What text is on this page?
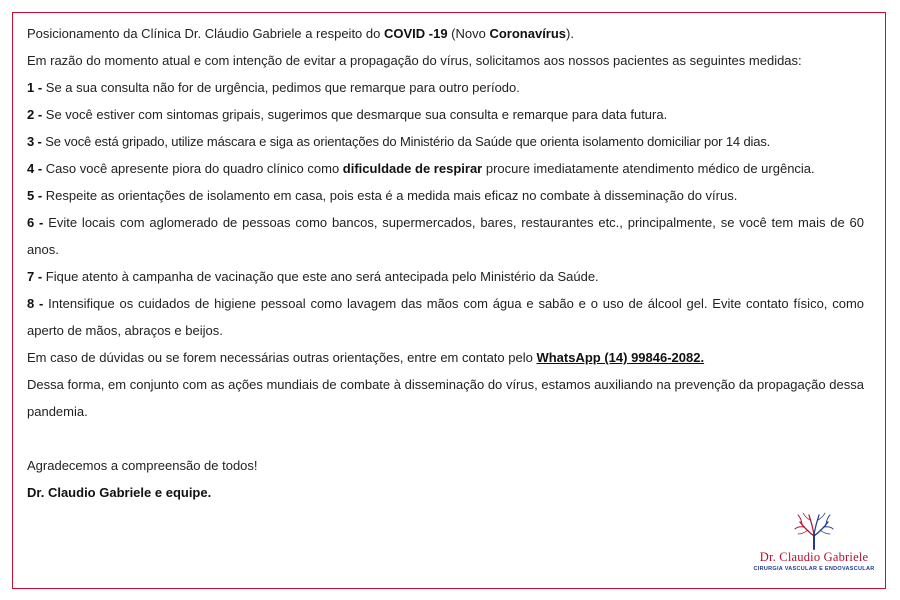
Posicionamento da Clínica Dr. Cláudio Gabriele a respeito do COVID -19 (Novo Coronavírus).

Em razão do momento atual e com intenção de evitar a propagação do vírus, solicitamos aos nossos pacientes as seguintes medidas:

1 - Se a sua consulta não for de urgência, pedimos que remarque para outro período.

2 - Se você estiver com sintomas gripais, sugerimos que desmarque sua consulta e remarque para data futura.

3 - Se você está gripado, utilize máscara e siga as orientações do Ministério da Saúde que orienta isolamento domiciliar por 14 dias.

4 - Caso você apresente piora do quadro clínico como dificuldade de respirar procure imediatamente atendimento médico de urgência.

5 - Respeite as orientações de isolamento em casa, pois esta é a medida mais eficaz no combate à disseminação do vírus.

6 - Evite locais com aglomerado de pessoas como bancos, supermercados, bares, restaurantes etc., principalmente, se você tem mais de 60 anos.

7 - Fique atento à campanha de vacinação que este ano será antecipada pelo Ministério da Saúde.

8 - Intensifique os cuidados de higiene pessoal como lavagem das mãos com água e sabão e o uso de álcool gel. Evite contato físico, como aperto de mãos, abraços e beijos.

Em caso de dúvidas ou se forem necessárias outras orientações, entre em contato pelo WhatsApp (14) 99846-2082.

Dessa forma, em conjunto com as ações mundiais de combate à disseminação do vírus, estamos auxiliando na prevenção da propagação dessa pandemia.

Agradecemos a compreensão de todos!

Dr. Claudio Gabriele e equipe.

Dr. Claudio Gabriele
CIRURGIA VASCULAR E ENDOVASCULAR
